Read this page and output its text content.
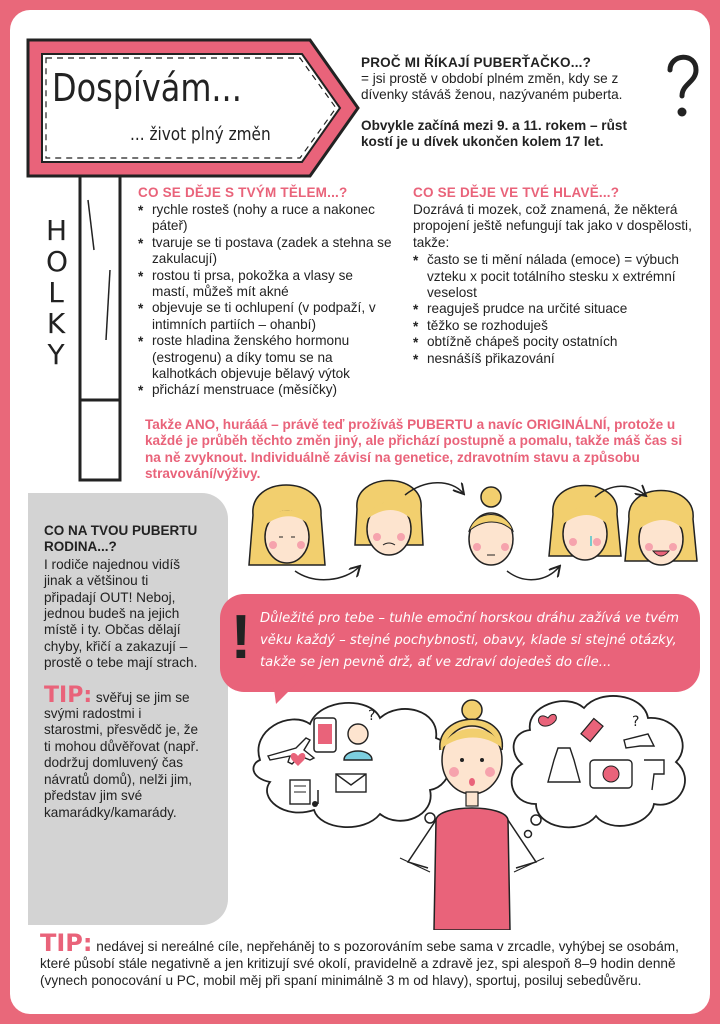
Dospívám...
... život plný změn
HOLKY
PROČ MI ŘÍKAJÍ PUBERŤAČKO...?
= jsi prostě v období plném změn, kdy se z dívenky stáváš ženou, nazývaném puberta.
Obvykle začíná mezi 9. a 11. rokem – růst kostí je u dívek ukončen kolem 17 let.
CO SE DĚJE S TVÝM TĚLEM...?
* rychle rosteš (nohy a ruce a nakonec páteř)
* tvaruje se ti postava (zadek a stehna se zakulacují)
* rostou ti prsa, pokožka a vlasy se mastí, můžeš mít akné
* objevuje se ti ochlupení (v podpaží, v intimních partiích – ohanbí)
* roste hladina ženského hormonu (estrogenu) a díky tomu se na kalhotkách objevuje bělavý výtok
* přichází menstruace (měsíčky)
CO SE DĚJE VE TVÉ HLAVĚ...?
Dozrává ti mozek, což znamená, že některá propojení ještě nefungují tak jako v dospělosti, takže:
* často se ti mění nálada (emoce) = výbuch vzteku x pocit totálního stesku x extrémní veselost
* reaguješ prudce na určité situace
* těžko se rozhoduješ
* obtížně chápeš pocity ostatních
* nesnášíš přikazování
Takže ANO, hurááá – právě teď prožíváš PUBERTU a navíc ORIGINÁLNÍ, protože u každé je průběh těchto změn jiný, ale přichází postupně a pomalu, takže máš čas si na ně zvyknout. Individuálně závisí na genetice, zdravotním stavu a způsobu stravování/výživy.
CO NA TVOU PUBERTU RODINA...?
I rodiče najednou vidíš jinak a většinou ti připadají OUT! Neboj, jednou budeš na jejich místě i ty. Občas dělají chyby, křičí a zakazují – prostě o tebe mají strach.
TIP: svěřuj se jim se svými radostmi i starostmi, přesvědč je, že ti mohou důvěřovat (např. dodržuj domluvený čas návratů domů), nelži jim, představ jim své kamarádky/kamarády.
! Důležité pro tebe – tuhle emoční horskou dráhu zažívá ve tvém věku každý – stejné pochybnosti, obavy, klade si stejné otázky, takže se jen pevně drž, ať ve zdraví dojedeš do cíle...
?	?
TIP: nedávej si nereálné cíle, nepřeháněj to s pozorováním sebe sama v zrcadle, vyhýbej se osobám, které působí stále negativně a jen kritizují své okolí, pravidelně a zdravě jez, spi alespoň 8–9 hodin denně (vynech ponocování u PC, mobil měj při spaní minimálně 3 m od hlavy), sportuj, posiluj sebedůvěru.
